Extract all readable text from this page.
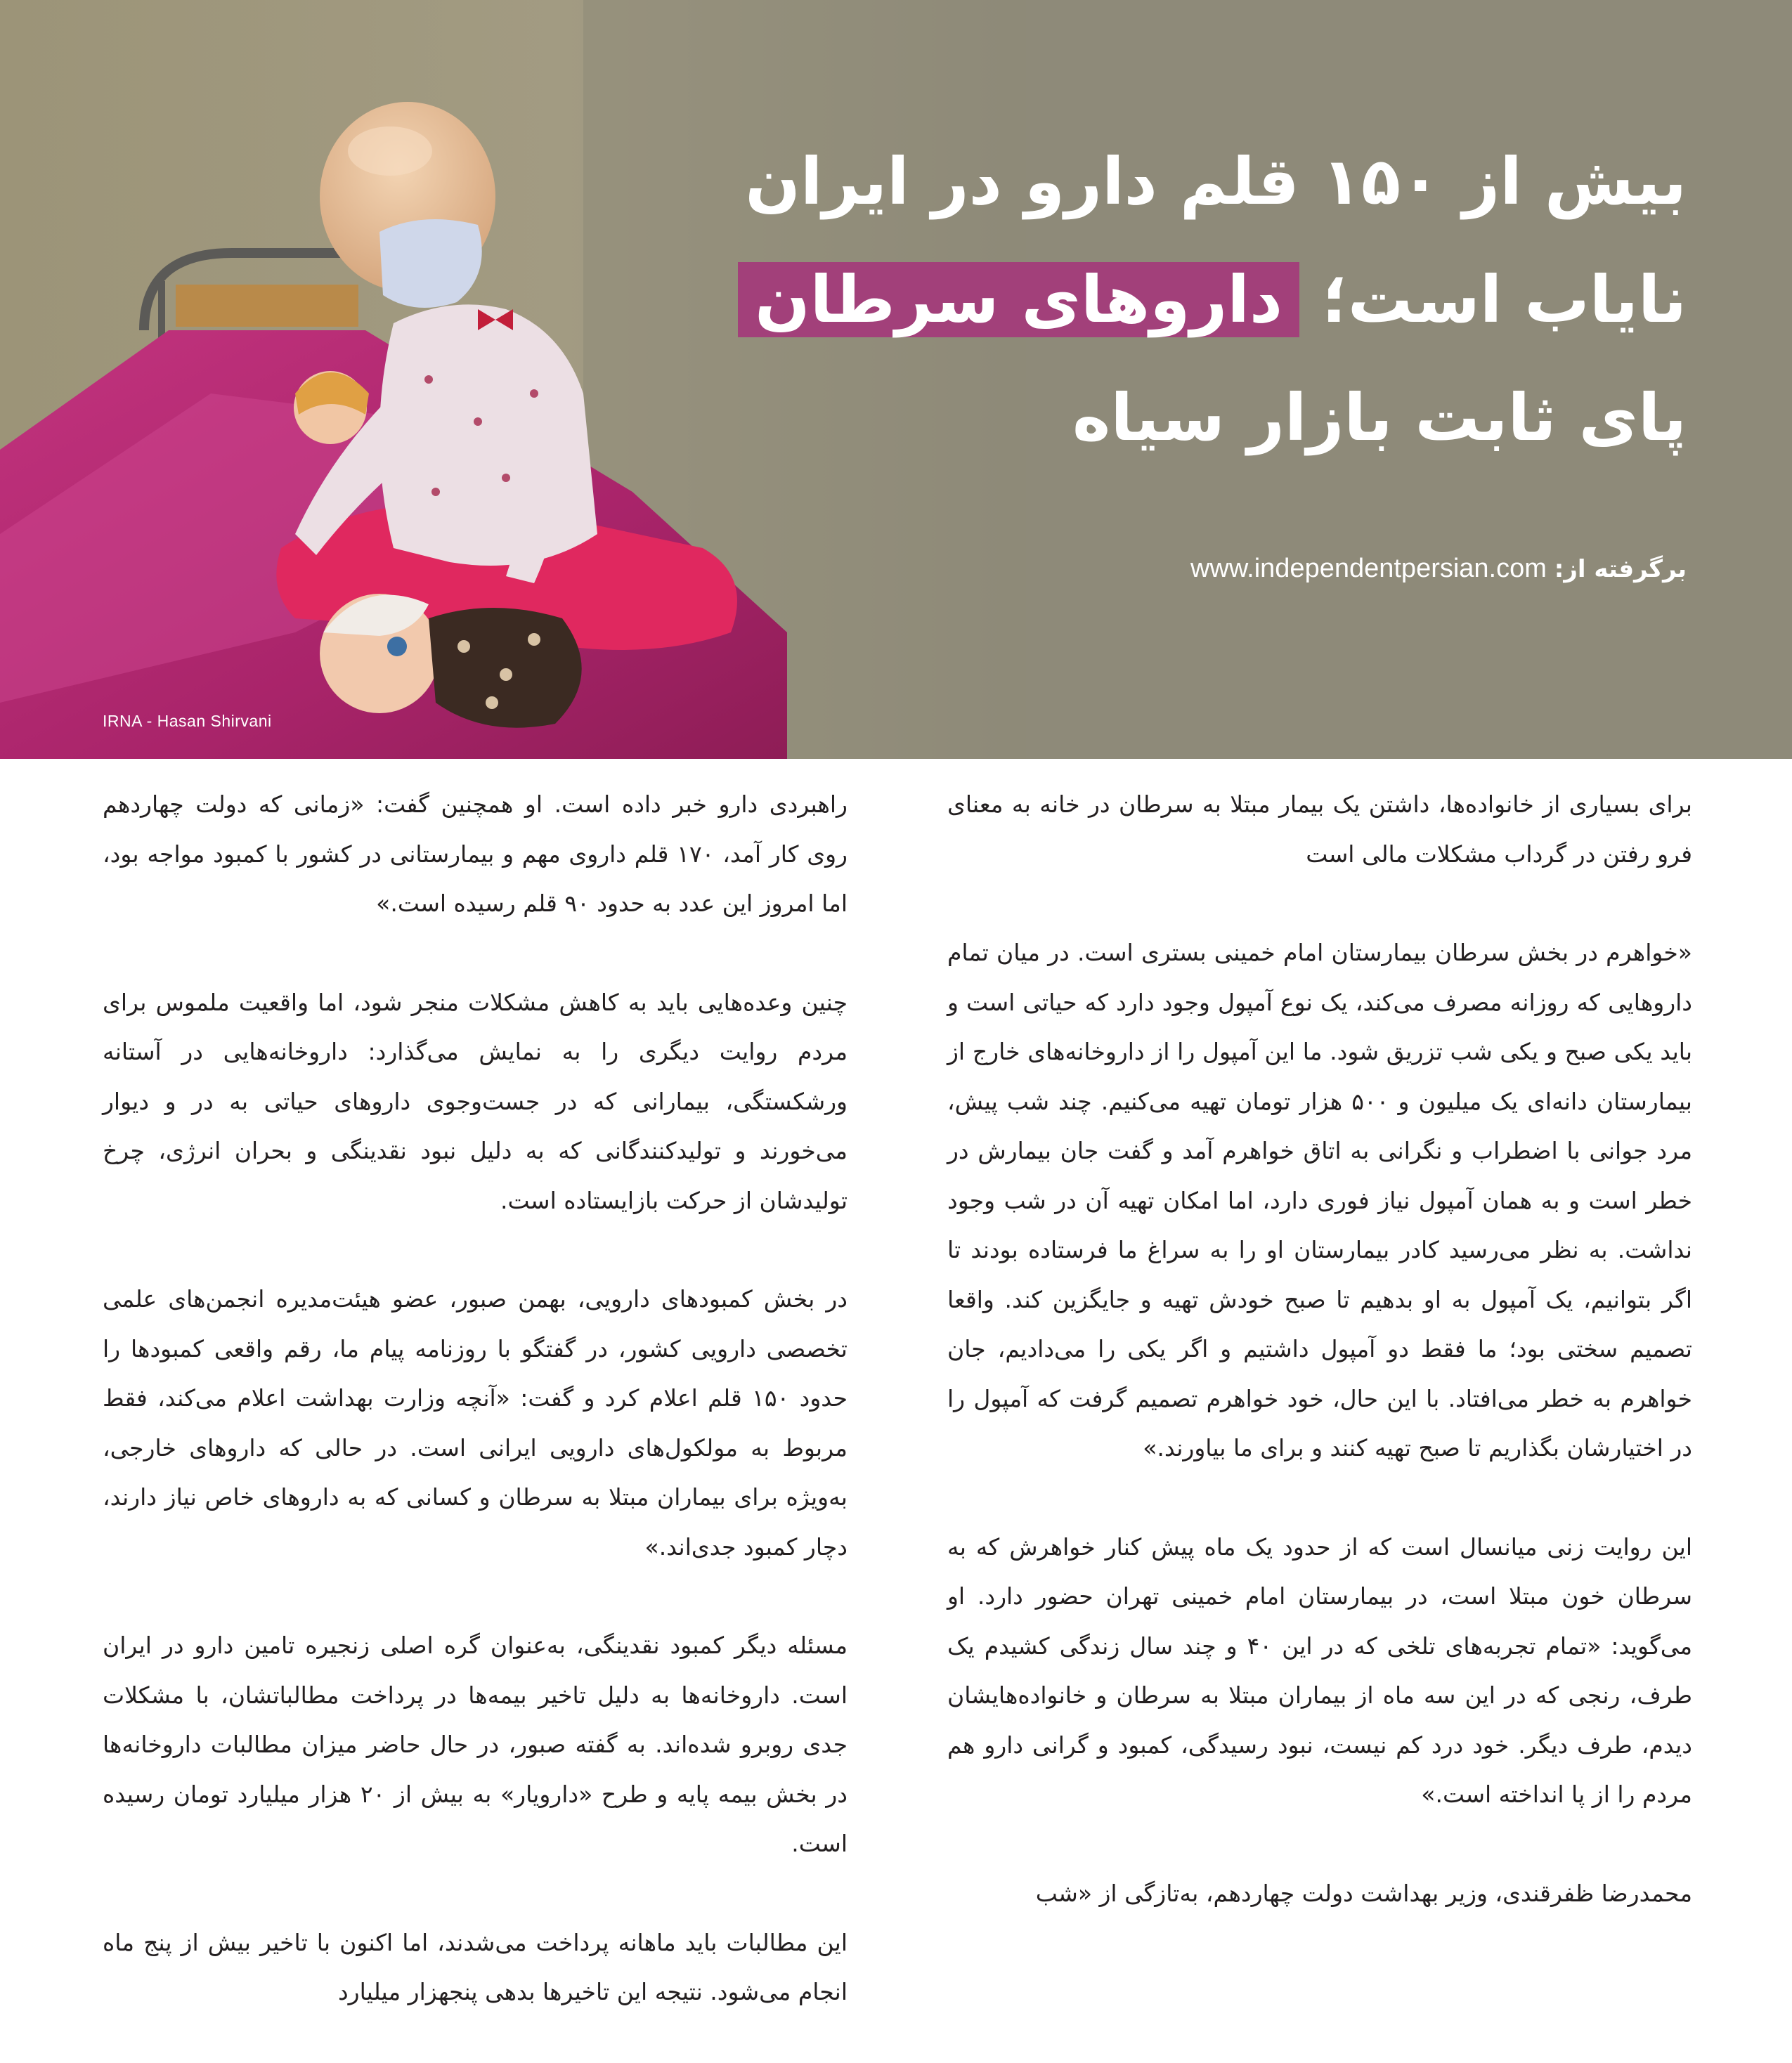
IRNA - Hasan Shirvani
بیش از ۱۵۰ قلم دارو در ایران
نایاب است؛ داروهای سرطان
پای ثابت بازار سیاه
برگرفته از: www.independentpersian.com

برای بسیاری از خانواده‌ها، داشتن یک بیمار مبتلا به سرطان در خانه به معنای فرو رفتن در گرداب مشکلات مالی است

«خواهرم در بخش سرطان بیمارستان امام خمینی بستری است. در میان تمام داروهایی که روزانه مصرف می‌کند، یک نوع آمپول وجود دارد که حیاتی است و باید یکی صبح و یکی شب تزریق شود. ما این آمپول را از داروخانه‌های خارج از بیمارستان دانه‌ای یک میلیون و ۵۰۰ هزار تومان تهیه می‌کنیم. چند شب پیش، مرد جوانی با اضطراب و نگرانی به اتاق خواهرم آمد و گفت جان بیمارش در خطر است و به همان آمپول نیاز فوری دارد، اما امکان تهیه آن در شب وجود نداشت. به نظر می‌رسید کادر بیمارستان او را به سراغ ما فرستاده بودند تا اگر بتوانیم، یک آمپول به او بدهیم تا صبح خودش تهیه و جایگزین کند. واقعا تصمیم سختی بود؛ ما فقط دو آمپول داشتیم و اگر یکی را می‌دادیم، جان خواهرم به خطر می‌افتاد. با این حال، خود خواهرم تصمیم گرفت که آمپول را در اختیارشان بگذاریم تا صبح تهیه کنند و برای ما بیاورند.»

این روایت زنی میانسال است که از حدود یک ماه پیش کنار خواهرش که به سرطان خون مبتلا است، در بیمارستان امام خمینی تهران حضور دارد. او می‌گوید: «تمام تجربه‌های تلخی که در این ۴۰ و چند سال زندگی کشیدم یک طرف، رنجی که در این سه ماه از بیماران مبتلا به سرطان و خانواده‌هایشان دیدم، طرف دیگر. خود درد کم نیست، نبود رسیدگی، کمبود و گرانی دارو هم مردم را از پا انداخته است.»

محمدرضا ظفرقندی، وزیر بهداشت دولت چهاردهم، به‌تازگی از «شب

راهبردی دارو خبر داده است. او همچنین گفت: «زمانی که دولت چهاردهم روی کار آمد، ۱۷۰ قلم داروی مهم و بیمارستانی در کشور با کمبود مواجه بود، اما امروز این عدد به حدود ۹۰ قلم رسیده است.»

چنین وعده‌هایی باید به کاهش مشکلات منجر شود، اما واقعیت ملموس برای مردم روایت دیگری را به نمایش می‌گذارد: داروخانه‌هایی در آستانه ورشکستگی، بیمارانی که در جست‌وجوی داروهای حیاتی به در و دیوار می‌خورند و تولیدکنندگانی که به دلیل نبود نقدینگی و بحران انرژی، چرخ تولیدشان از حرکت بازایستاده است.

در بخش کمبودهای دارویی، بهمن صبور، عضو هیئت‌مدیره انجمن‌های علمی تخصصی دارویی کشور، در گفتگو با روزنامه پیام ما، رقم واقعی کمبودها را حدود ۱۵۰ قلم اعلام کرد و گفت: «آنچه وزارت بهداشت اعلام می‌کند، فقط مربوط به مولکول‌های دارویی ایرانی است. در حالی که داروهای خارجی، به‌ویژه برای بیماران مبتلا به سرطان و کسانی که به داروهای خاص نیاز دارند، دچار کمبود جدی‌اند.»

مسئله دیگر کمبود نقدینگی، به‌عنوان گره اصلی زنجیره تامین دارو در ایران است. داروخانه‌ها به دلیل تاخیر بیمه‌ها در پرداخت مطالباتشان، با مشکلات جدی روبرو شده‌اند. به گفته صبور، در حال حاضر میزان مطالبات داروخانه‌ها در بخش بیمه پایه و طرح «دارویار» به بیش از ۲۰ هزار میلیارد تومان رسیده است.

این مطالبات باید ماهانه پرداخت می‌شدند، اما اکنون با تاخیر بیش از پنج ماه انجام می‌شود. نتیجه این تاخیرها بدهی پنجهزار میلیارد
